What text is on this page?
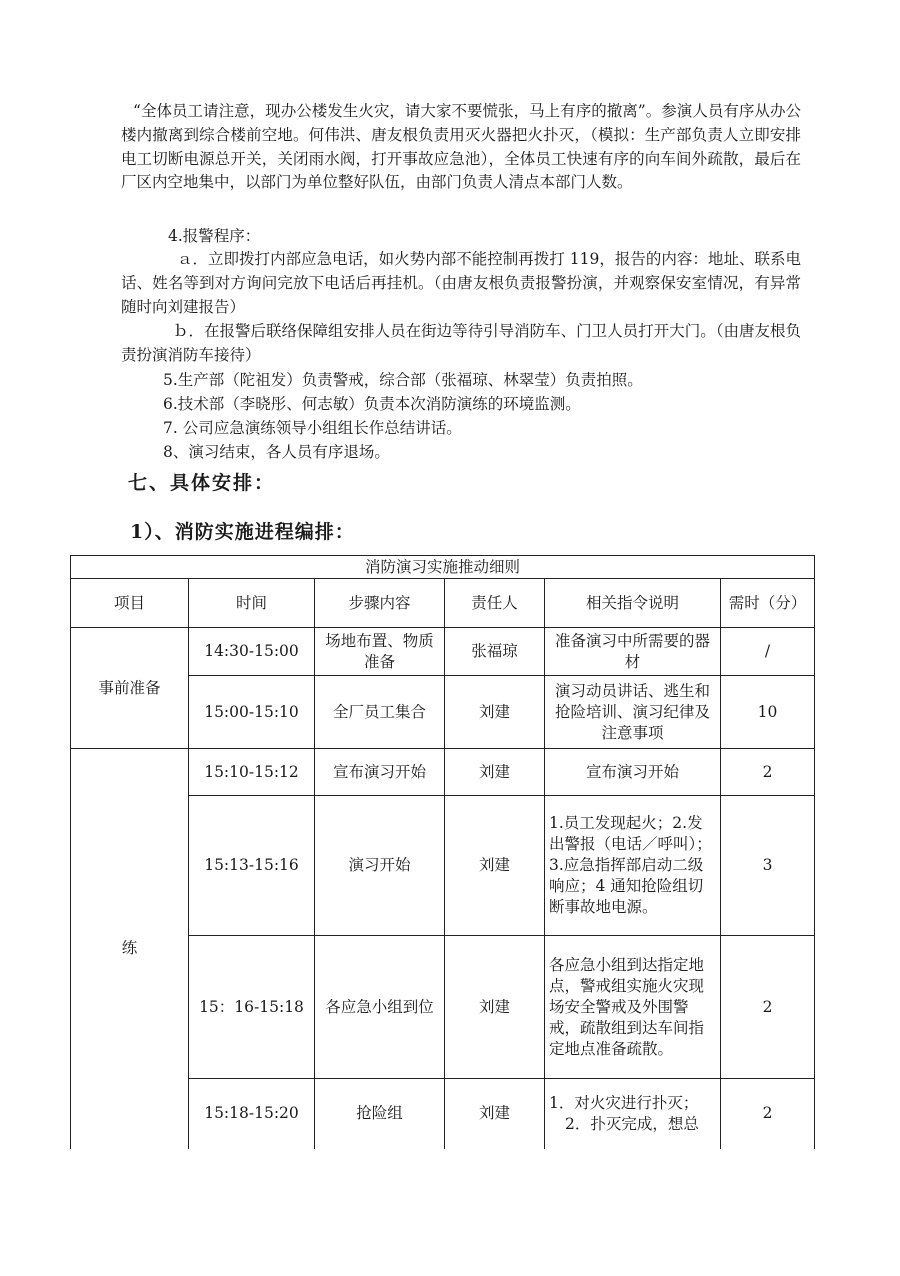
“全体员工请注意，现办公楼发生火灾，请大家不要慌张，马上有序的撤离”。参演人员有序从办公楼内撤离到综合楼前空地。何伟洪、唐友根负责用灭火器把火扑灭，（模拟：生产部负责人立即安排电工切断电源总开关，关闭雨水阀，打开事故应急池），全体员工快速有序的向车间外疏散，最后在厂区内空地集中，以部门为单位整好队伍，由部门负责人清点本部门人数。

4.报警程序：

ａ．立即拨打内部应急电话，如火势内部不能控制再拨打 119，报告的内容：地址、联系电话、姓名等到对方询问完放下电话后再挂机。（由唐友根负责报警扮演，并观察保安室情况，有异常随时向刘建报告）

ｂ．在报警后联络保障组安排人员在街边等待引导消防车、门卫人员打开大门。（由唐友根负责扮演消防车接待）

5.生产部（陀祖发）负责警戒，综合部（张福琼、林翠莹）负责拍照。

6.技术部（李晓彤、何志敏）负责本次消防演练的环境监测。

7. 公司应急演练领导小组组长作总结讲话。

8、演习结束，各人员有序退场。

七、具体安排：

1）、消防实施进程编排：

消防演习实施推动细则					
项目	时间	步骤内容	责任人	相关指令说明	需时（分）
事前准备	14:30-15:00	场地布置、物质准备	张福琼	准备演习中所需要的器材	/
	15:00-15:10	全厂员工集合	刘建	演习动员讲话、逃生和抢险培训、演习纪律及注意事项	10
练	15:10-15:12	宣布演习开始	刘建	宣布演习开始	2
	15:13-15:16	演习开始	刘建	1.员工发现起火；2.发出警报（电话／呼叫）；3.应急指挥部启动二级响应；4 通知抢险组切断事故地电源。	3
	15：16-15:18	各应急小组到位	刘建	各应急小组到达指定地点，警戒组实施火灾现场安全警戒及外围警戒，疏散组到达车间指定地点准备疏散。	2
	15:18-15:20	抢险组	刘建	1．对火灾进行扑灭；
2．扑灭完成，想总	2
